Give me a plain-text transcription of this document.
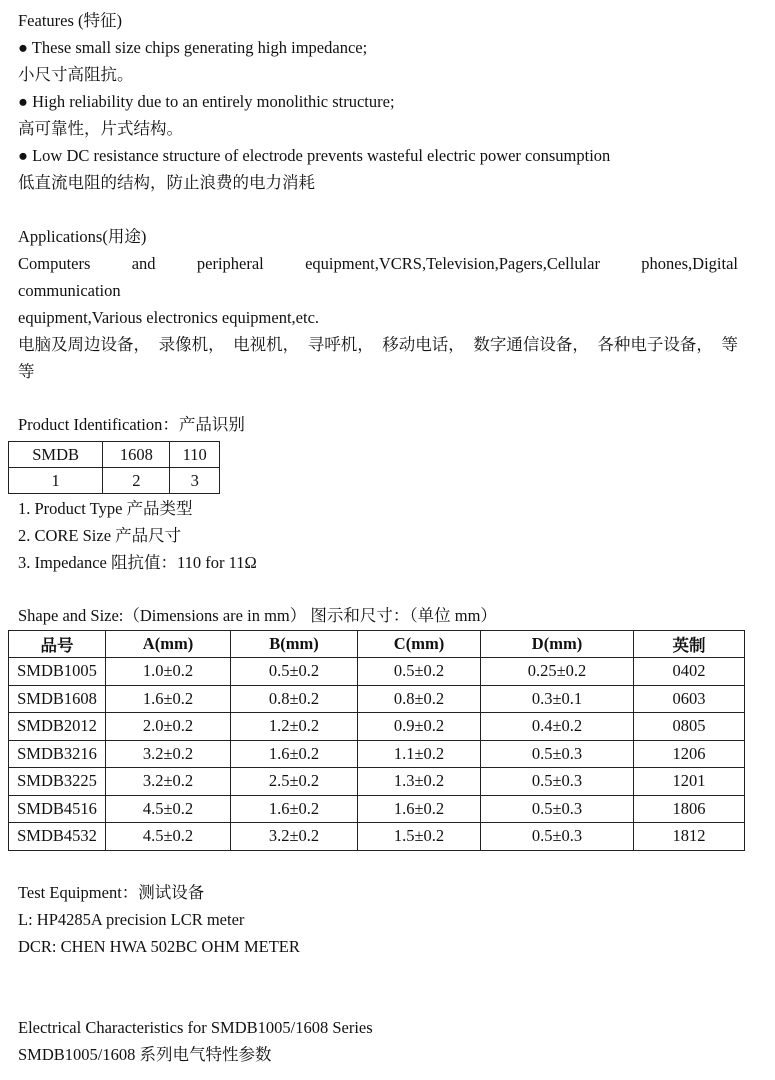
Features (特征)
● These small size chips generating high impedance;
小尺寸高阻抗。
● High reliability due to an entirely monolithic structure;
高可靠性，片式结构。
● Low DC resistance structure of electrode prevents wasteful electric power consumption
低直流电阻的结构，防止浪费的电力消耗
Applications(用途)
Computers	and	peripheral	equipment,VCRS,Television,Pagers,Cellular	phones,Digital
communication
equipment,Various electronics equipment,etc.
电脑及周边设备， 录像机， 电视机， 寻呼机， 移动电话， 数字通信设备， 各种电子设备， 等
等
Product Identification：产品识别
SMDB	1608	110
1	2	3
1. Product Type 产品类型
2. CORE Size 产品尺寸
3. Impedance 阻抗值：110 for 11Ω
Shape and Size:（Dimensions are in mm） 图示和尺寸：（单位 mm）
品号	A(mm)	B(mm)	C(mm)	D(mm)	英制
SMDB1005	1.0±0.2	0.5±0.2	0.5±0.2	0.25±0.2	0402
SMDB1608	1.6±0.2	0.8±0.2	0.8±0.2	0.3±0.1	0603
SMDB2012	2.0±0.2	1.2±0.2	0.9±0.2	0.4±0.2	0805
SMDB3216	3.2±0.2	1.6±0.2	1.1±0.2	0.5±0.3	1206
SMDB3225	3.2±0.2	2.5±0.2	1.3±0.2	0.5±0.3	1201
SMDB4516	4.5±0.2	1.6±0.2	1.6±0.2	0.5±0.3	1806
SMDB4532	4.5±0.2	3.2±0.2	1.5±0.2	0.5±0.3	1812
Test Equipment：测试设备
L: HP4285A precision LCR meter
DCR: CHEN HWA 502BC OHM METER
Electrical Characteristics for SMDB1005/1608 Series
SMDB1005/1608 系列电气特性参数
